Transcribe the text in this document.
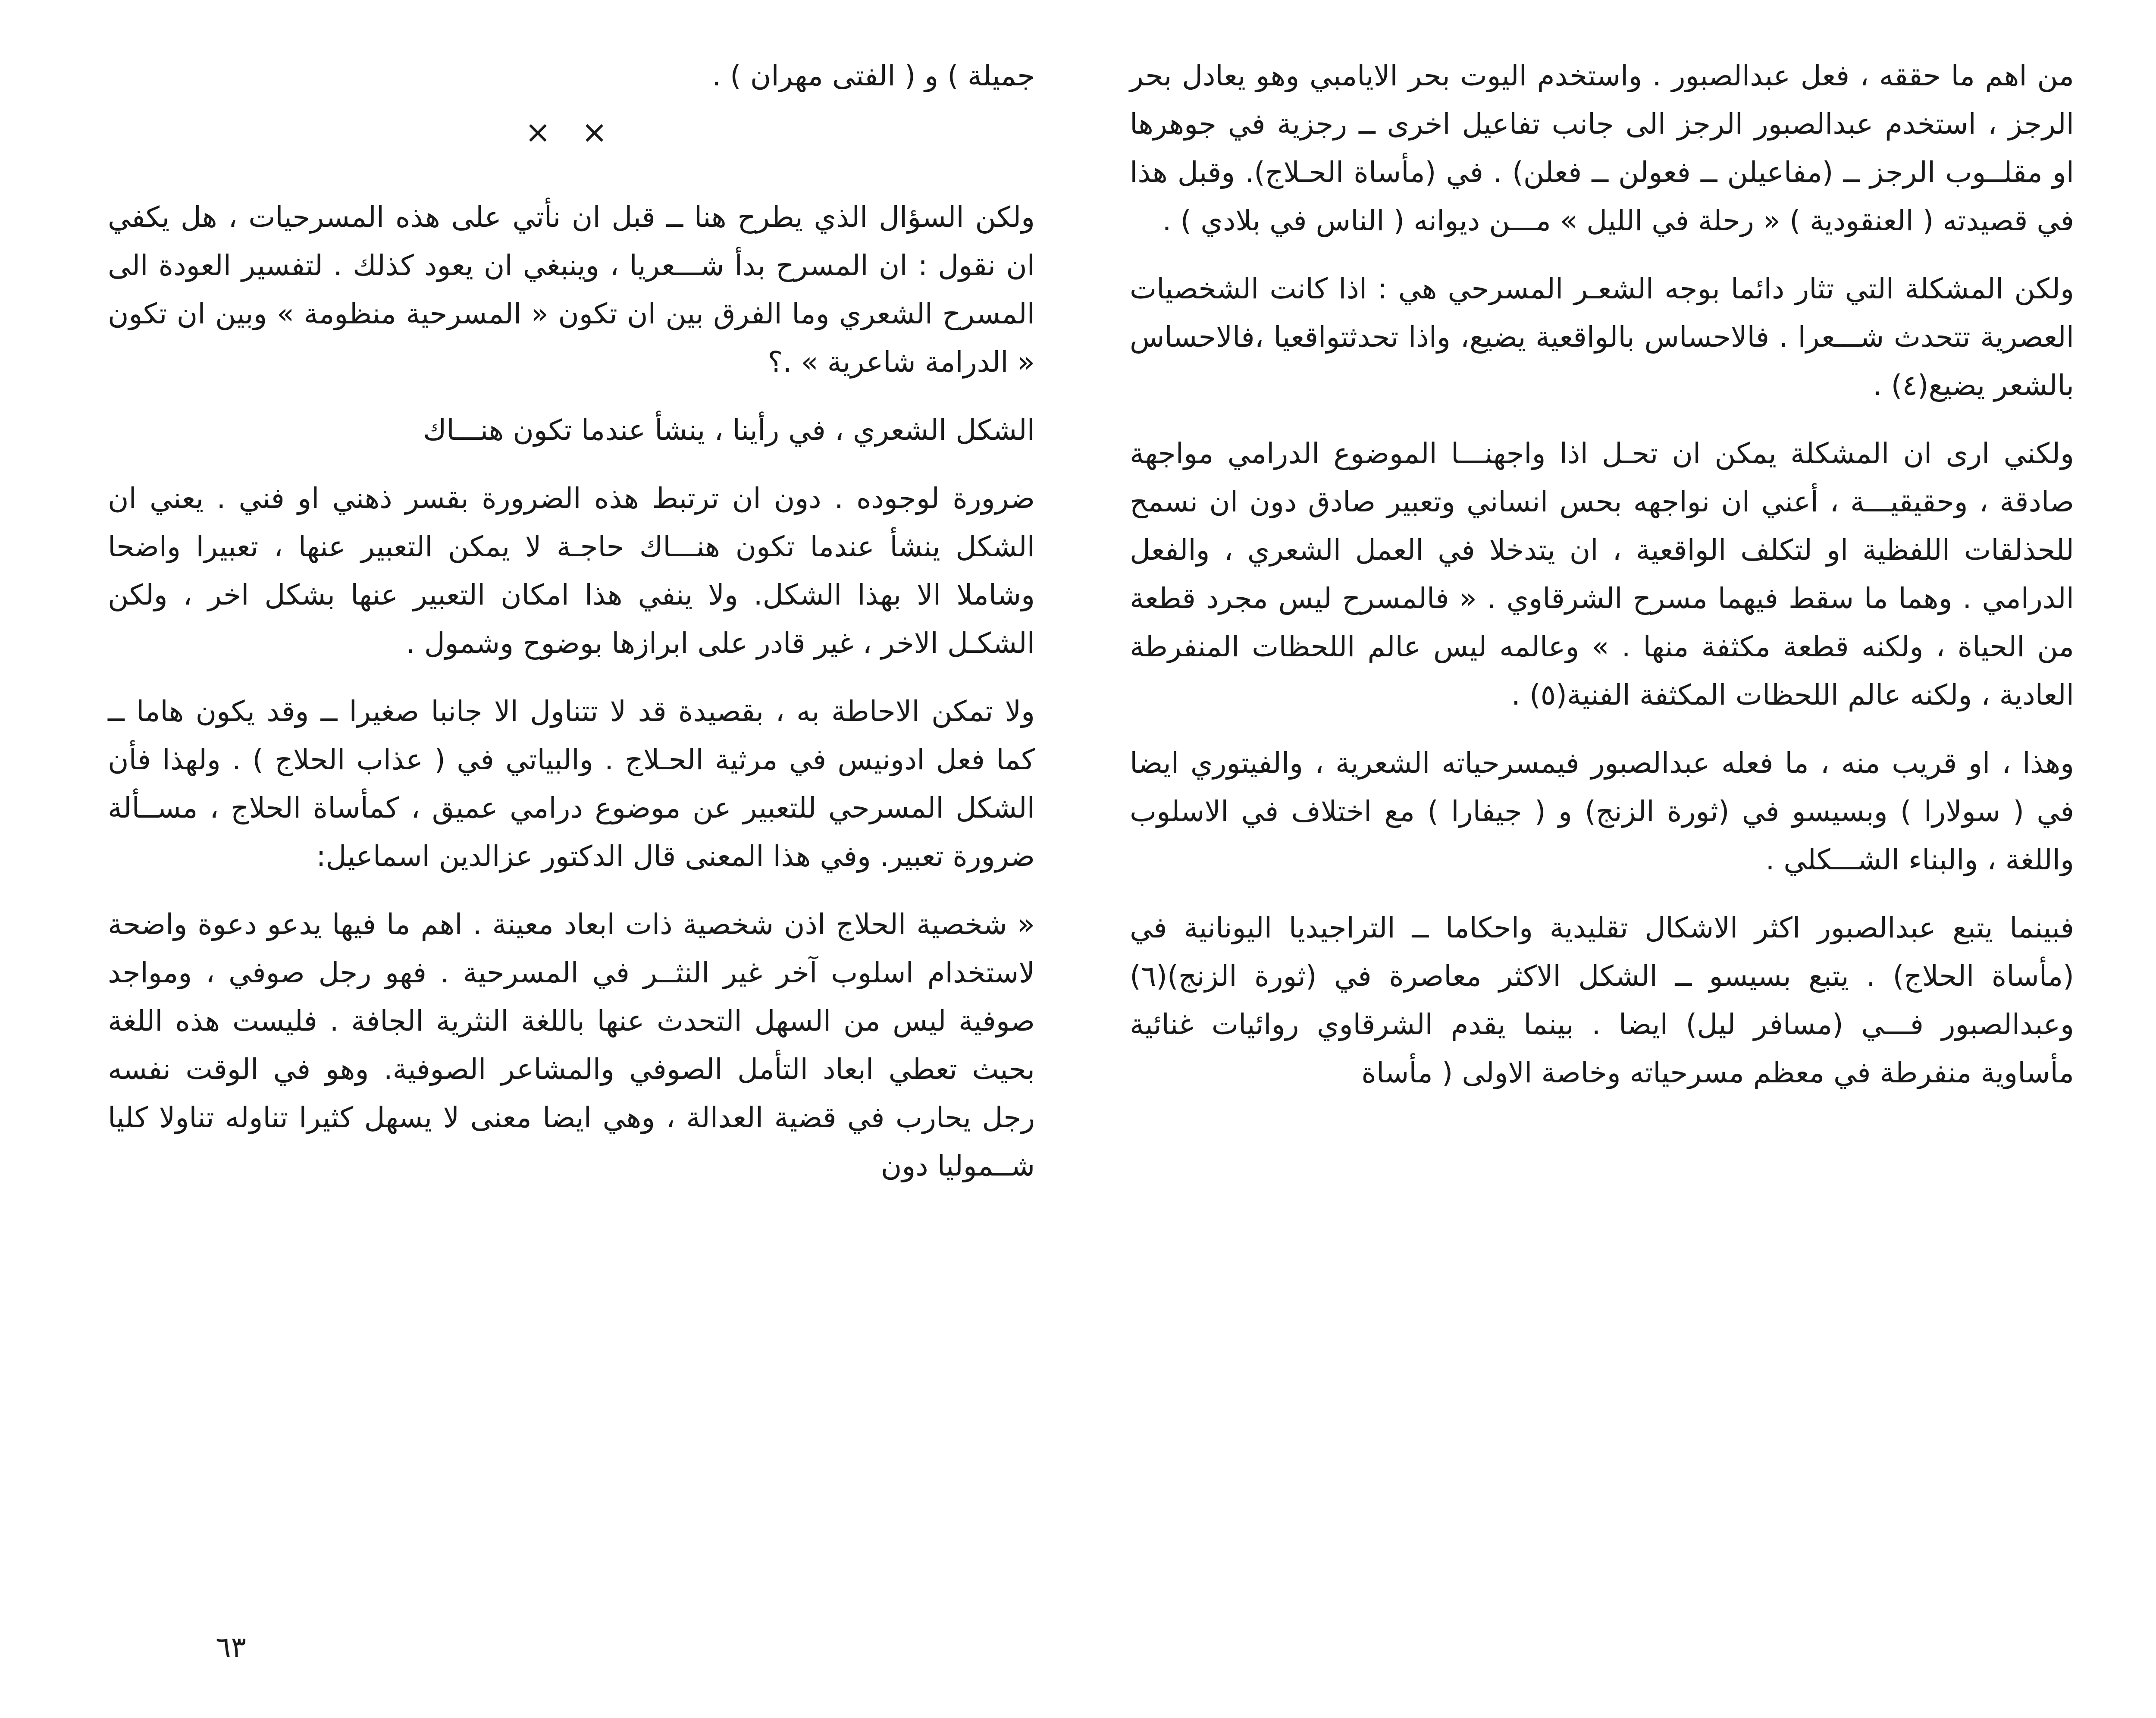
من اهم ما حققه ، فعل عبدالصبور . واستخدم اليوت بحر الايامبي وهو يعادل بحر الرجز ، استخدم عبدالصبور الرجز الى جانب تفاعيل اخرى ــ رجزية في جوهرها او مقلــوب الرجز ــ (مفاعيلن ــ فعولن ــ فعلن) . في (مأساة الحـلاج). وقبل هذا في قصيدته ( العنقودية ) « رحلة في الليل » مـــن ديوانه ( الناس في بلادي ) .

ولكن المشكلة التي تثار دائما بوجه الشعـر المسرحي هي : اذا كانت الشخصيات العصرية تتحدث شـــعرا . فالاحساس بالواقعية يضيع، واذا تحدثتواقعيا ،فالاحساس بالشعر يضيع(٤) .

ولكني ارى ان المشكلة يمكن ان تحـل اذا واجهنـــا الموضوع الدرامي مواجهة صادقة ، وحقيقيـــة ، أعني ان نواجهه بحس انساني وتعبير صادق دون ان نسمح للحذلقات اللفظية او لتكلف الواقعية ، ان يتدخلا في العمل الشعري ، والفعل الدرامي . وهما ما سقط فيهما مسرح الشرقاوي . « فالمسرح ليس مجرد قطعة من الحياة ، ولكنه قطعة مكثفة منها . » وعالمه ليس عالم اللحظات المنفرطة العادية ، ولكنه عالم اللحظات المكثفة الفنية(٥) .

وهذا ، او قريب منه ، ما فعله عبدالصبور فيمسرحياته الشعرية ، والفيتوري ايضا في ( سولارا ) وبسيسو في (ثورة الزنج) و ( جيفارا ) مع اختلاف في الاسلوب واللغة ، والبناء الشـــكلي .

فبينما يتبع عبدالصبور اكثر الاشكال تقليدية واحكاما ــ التراجيديا اليونانية في (مأساة الحلاج) . يتبع بسيسو ــ الشكل الاكثر معاصرة في (ثورة الزنج)(٦) وعبدالصبور فـــي (مسافر ليل) ايضا . بينما يقدم الشرقاوي روائيات غنائية مأساوية منفرطة في معظم مسرحياته وخاصة الاولى ( مأساة

جميلة ) و ( الفتى مهران ) .

× ×

ولكن السؤال الذي يطرح هنا ــ قبل ان نأتي على هذه المسرحيات ، هل يكفي ان نقول : ان المسرح بدأ شـــعريا ، وينبغي ان يعود كذلك . لتفسير العودة الى المسرح الشعري وما الفرق بين ان تكون « المسرحية منظومة » وبين ان تكون « الدرامة شاعرية » .؟

الشكل الشعري ، في رأينا ، ينشأ عندما تكون هنـــاك

ضرورة لوجوده . دون ان ترتبط هذه الضرورة بقسر ذهني او فني . يعني ان الشكل ينشأ عندما تكون هنـــاك حاجـة لا يمكن التعبير عنها ، تعبيرا واضحا وشاملا الا بهذا الشكل. ولا ينفي هذا امكان التعبير عنها بشكل اخر ، ولكن الشكـل الاخر ، غير قادر على ابرازها بوضوح وشمول .

ولا تمكن الاحاطة به ، بقصيدة قد لا تتناول الا جانبا صغيرا ــ وقد يكون هاما ــ كما فعل ادونيس في مرثية الحـلاج . والبياتي في ( عذاب الحلاج ) . ولهذا فأن الشكل المسرحي للتعبير عن موضوع درامي عميق ، كمأساة الحلاج ، مســألة ضرورة تعبير. وفي هذا المعنى قال الدكتور عزالدين اسماعيل:

« شخصية الحلاج اذن شخصية ذات ابعاد معينة . اهم ما فيها يدعو دعوة واضحة لاستخدام اسلوب آخر غير النثــر في المسرحية . فهو رجل صوفي ، ومواجد صوفية ليس من السهل التحدث عنها باللغة النثرية الجافة . فليست هذه اللغة بحيث تعطي ابعاد التأمل الصوفي والمشاعر الصوفية. وهو في الوقت نفسه رجل يحارب في قضية العدالة ، وهي ايضا معنى لا يسهل كثيرا تناوله تناولا كليا شــموليا دون

٦٣
